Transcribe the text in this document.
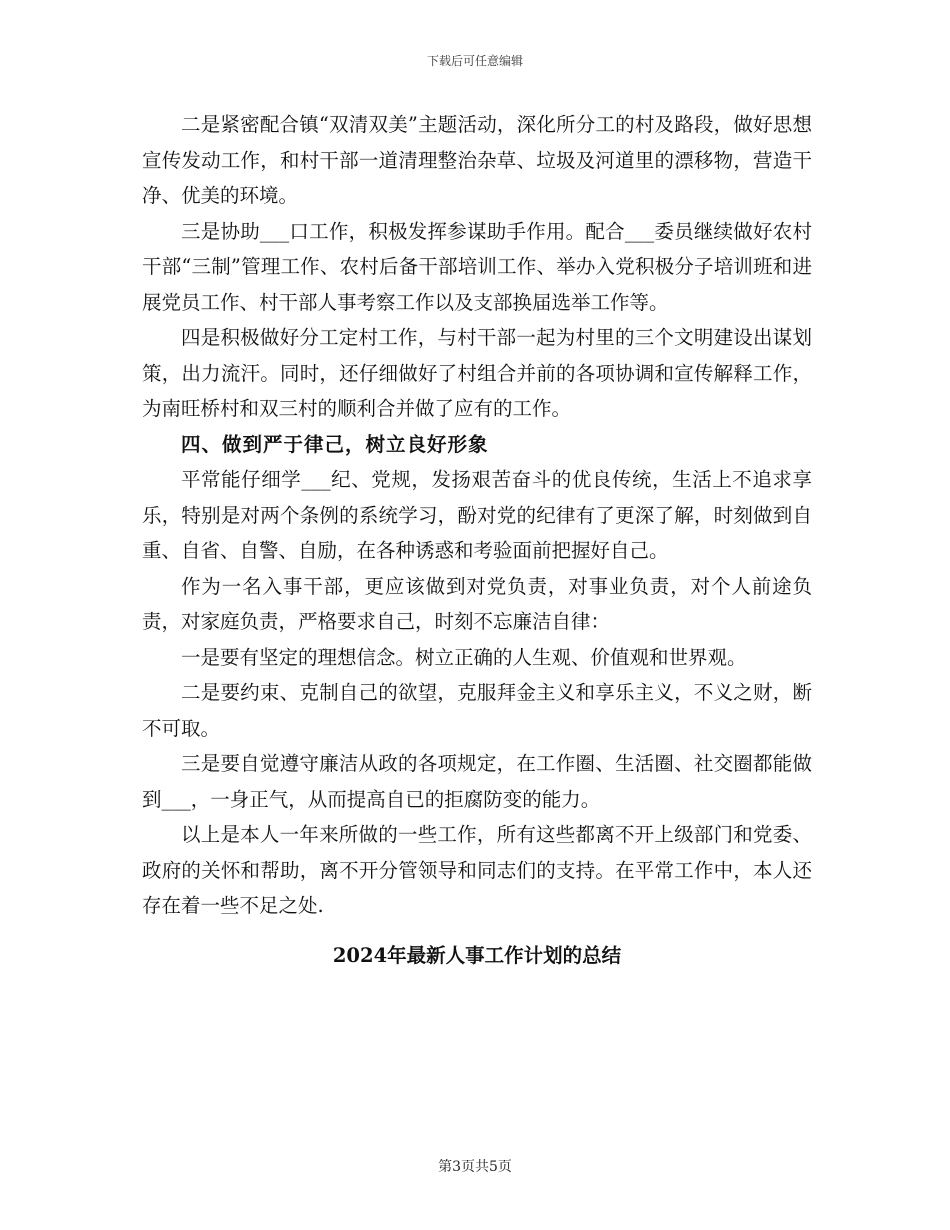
下载后可任意编辑

二是紧密配合镇“双清双美”主题活动，深化所分工的村及路段，做好思想宣传发动工作，和村干部一道清理整治杂草、垃圾及河道里的漂移物，营造干净、优美的环境。

三是协助___口工作，积极发挥参谋助手作用。配合___委员继续做好农村干部“三制”管理工作、农村后备干部培训工作、举办入党积极分子培训班和进展党员工作、村干部人事考察工作以及支部换届选举工作等。

四是积极做好分工定村工作，与村干部一起为村里的三个文明建设出谋划策，出力流汗。同时，还仔细做好了村组合并前的各项协调和宣传解释工作，为南旺桥村和双三村的顺利合并做了应有的工作。

四、做到严于律己，树立良好形象

平常能仔细学___纪、党规，发扬艰苦奋斗的优良传统，生活上不追求享乐，特别是对两个条例的系统学习，酚对党的纪律有了更深了解，时刻做到自重、自省、自警、自励，在各种诱惑和考验面前把握好自己。

作为一名入事干部，更应该做到对党负责，对事业负责，对个人前途负责，对家庭负责，严格要求自己，时刻不忘廉洁自律：

一是要有坚定的理想信念。树立正确的人生观、价值观和世界观。

二是要约束、克制自己的欲望，克服拜金主义和享乐主义，不义之财，断不可取。

三是要自觉遵守廉洁从政的各项规定，在工作圈、生活圈、社交圈都能做到___，一身正气，从而提高自已的拒腐防变的能力。

以上是本人一年来所做的一些工作，所有这些都离不开上级部门和党委、政府的关怀和帮助，离不开分管领导和同志们的支持。在平常工作中，本人还存在着一些不足之处.

2024年最新人事工作计划的总结

第3页共5页
